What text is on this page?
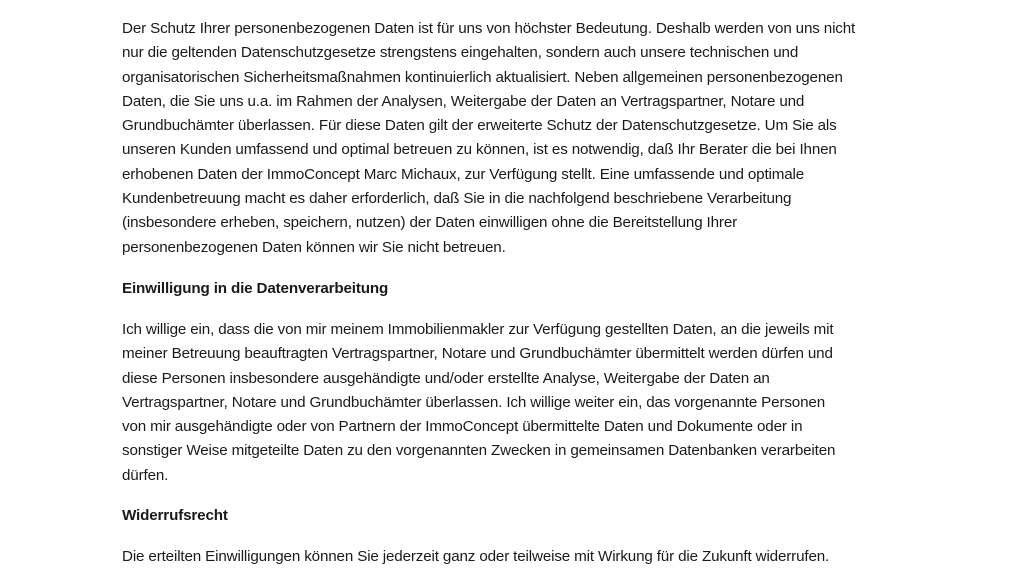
Der Schutz Ihrer personenbezogenen Daten ist für uns von höchster Bedeutung. Deshalb werden von uns nicht
nur die geltenden Datenschutzgesetze strengstens eingehalten, sondern auch unsere technischen und
organisatorischen Sicherheitsmaßnahmen kontinuierlich aktualisiert. Neben allgemeinen personenbezogenen
Daten, die Sie uns u.a. im Rahmen der Analysen, Weitergabe der Daten an Vertragspartner, Notare und
Grundbuchämter überlassen. Für diese Daten gilt der erweiterte Schutz der Datenschutzgesetze. Um Sie als
unseren Kunden umfassend und optimal betreuen zu können, ist es notwendig, daß Ihr Berater die bei Ihnen
erhobenen Daten der ImmoConcept Marc Michaux, zur Verfügung stellt. Eine umfassende und optimale
Kundenbetreuung macht es daher erforderlich, daß Sie in die nachfolgend beschriebene Verarbeitung
(insbesondere erheben, speichern, nutzen) der Daten einwilligen ohne die Bereitstellung Ihrer
personenbezogenen Daten können wir Sie nicht betreuen.
Einwilligung in die Datenverarbeitung
Ich willige ein, dass die von mir meinem Immobilienmakler zur Verfügung gestellten Daten, an die jeweils mit
meiner Betreuung beauftragten Vertragspartner, Notare und Grundbuchämter übermittelt werden dürfen und
diese Personen insbesondere ausgehändigte und/oder erstellte Analyse, Weitergabe der Daten an
Vertragspartner, Notare und Grundbuchämter überlassen. Ich willige weiter ein, das vorgenannte Personen
von mir ausgehändigte oder von Partnern der ImmoConcept übermittelte Daten und Dokumente oder in
sonstiger Weise mitgeteilte Daten zu den vorgenannten Zwecken in gemeinsamen Datenbanken verarbeiten
dürfen.
Widerrufsrecht
Die erteilten Einwilligungen können Sie jederzeit ganz oder teilweise mit Wirkung für die Zukunft widerrufen.
